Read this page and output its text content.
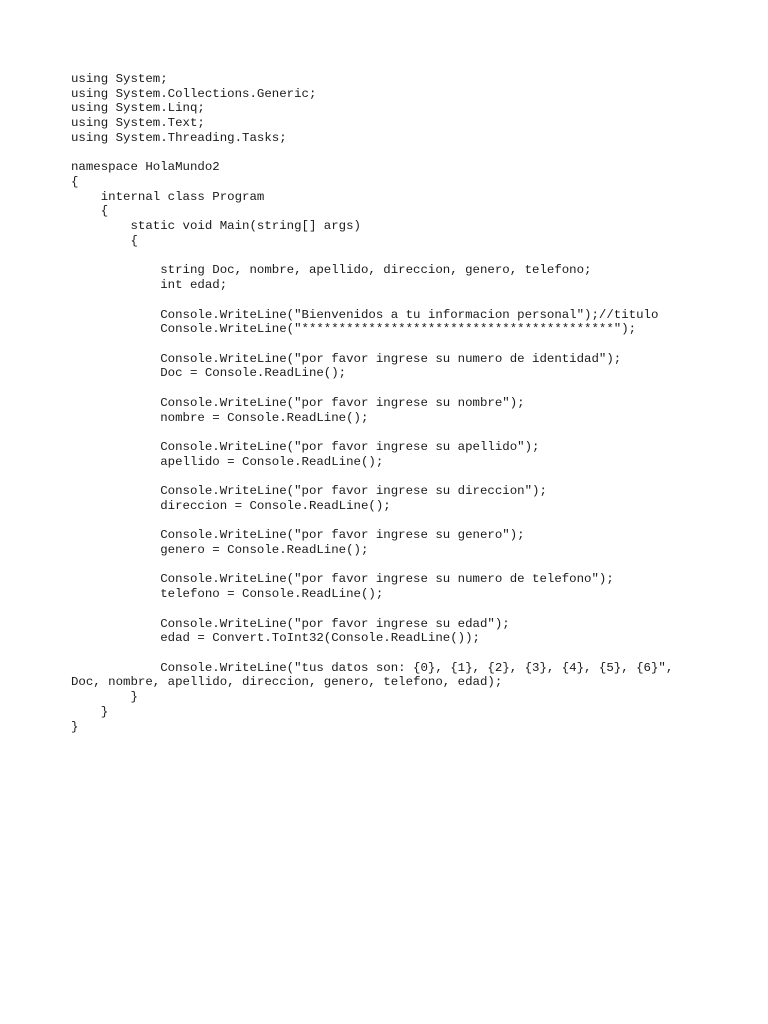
using System;
using System.Collections.Generic;
using System.Linq;
using System.Text;
using System.Threading.Tasks;
namespace HolaMundo2
{
internal class Program
{
static void Main(string[] args)
{
string Doc, nombre, apellido, direccion, genero, telefono;
int edad;
Console.WriteLine("Bienvenidos a tu informacion personal");//titulo
Console.WriteLine("******************************************");
Console.WriteLine("por favor ingrese su numero de identidad");
Doc = Console.ReadLine();
Console.WriteLine("por favor ingrese su nombre");
nombre = Console.ReadLine();
Console.WriteLine("por favor ingrese su apellido");
apellido = Console.ReadLine();
Console.WriteLine("por favor ingrese su direccion");
direccion = Console.ReadLine();
Console.WriteLine("por favor ingrese su genero");
genero = Console.ReadLine();
Console.WriteLine("por favor ingrese su numero de telefono");
telefono = Console.ReadLine();
Console.WriteLine("por favor ingrese su edad");
edad = Convert.ToInt32(Console.ReadLine());
Console.WriteLine("tus datos son: {0}, {1}, {2}, {3}, {4}, {5}, {6}",
Doc, nombre, apellido, direccion, genero, telefono, edad);
}
}
}
